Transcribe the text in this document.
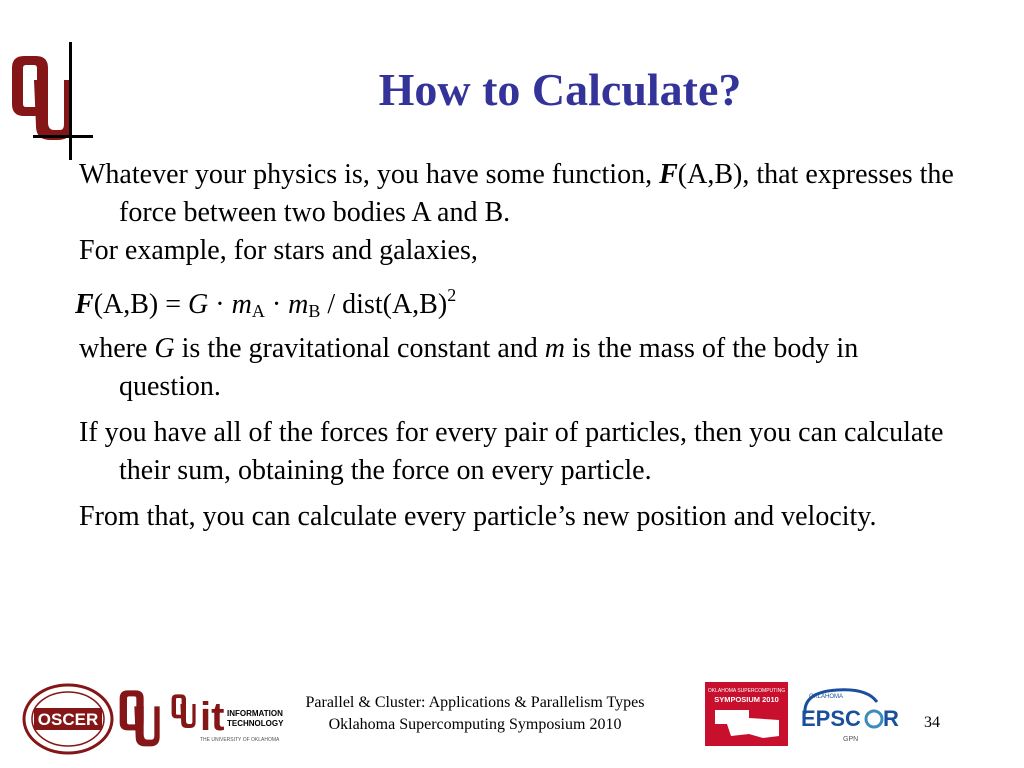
How to Calculate?

Whatever your physics is, you have some function, F(A,B), that expresses the force between two bodies A and B.

For example, for stars and galaxies,

$F(A,B) = G \cdot m_A \cdot m_B$ / $dist(A,B)^2$

where G is the gravitational constant and m is the mass of the body in question.

If you have all of the forces for every pair of particles, then you can calculate their sum, obtaining the force on every particle.

From that, you can calculate every particle’s new position and velocity.

OSCER	it INFORMATION
TECHNOLOGY
THE UNIVERSITY OF OKLAHOMA
Parallel & Cluster: Applications & Parallelism Types
Oklahoma Supercomputing Symposium 2010
OKLAHOMA SUPERCOMPUTING
SYMPOSIUM 2010	OKLAHOMA
EPSC R
GPN
34
